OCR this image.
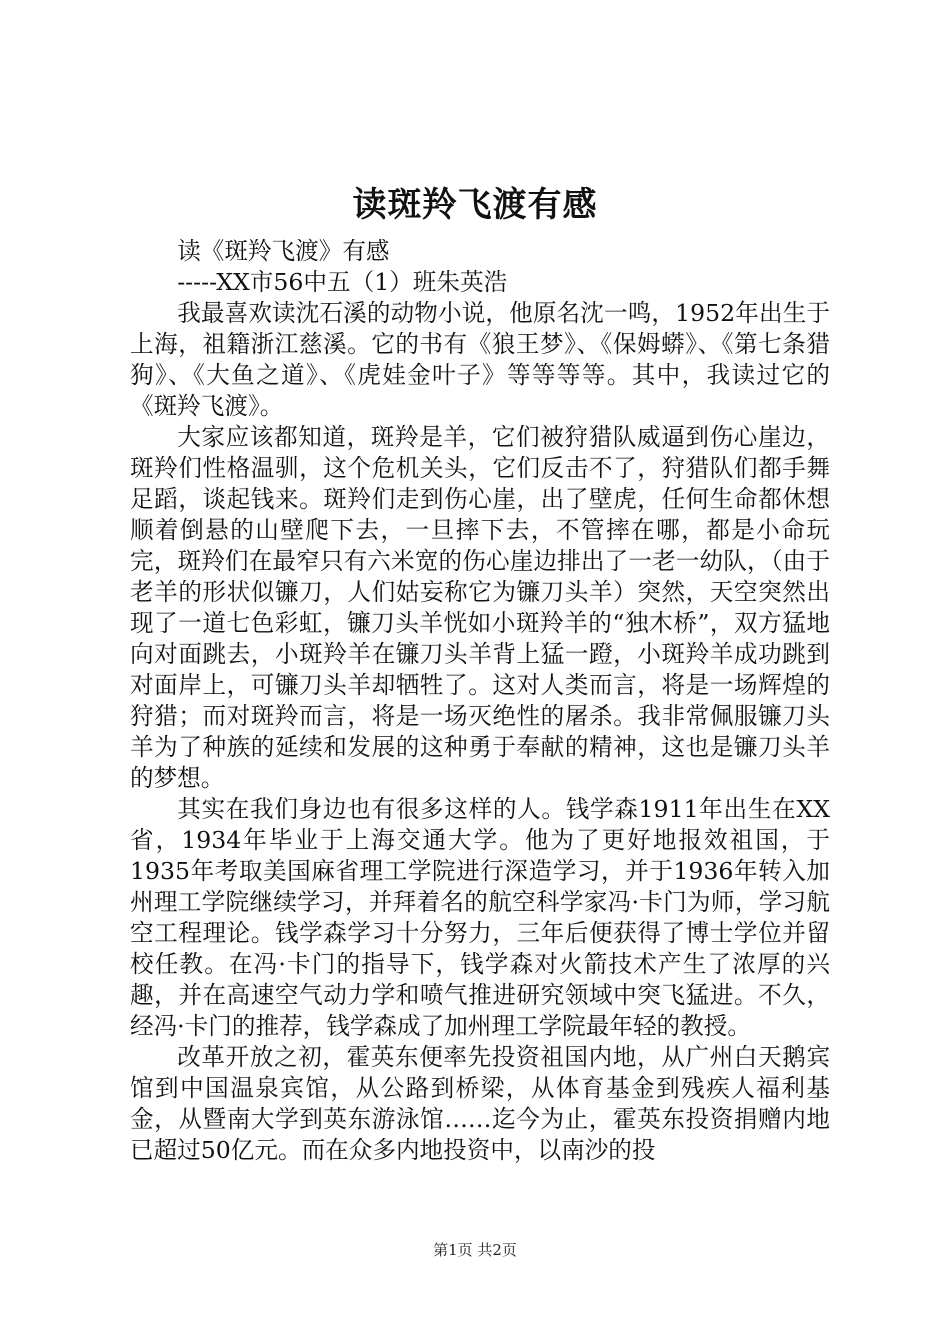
读斑羚飞渡有感

读《斑羚飞渡》有感

-----XX市56中五（1）班朱英浩

我最喜欢读沈石溪的动物小说，他原名沈一鸣，1952年出生于上海，祖籍浙江慈溪。它的书有《狼王梦》、《保姆蟒》、《第七条猎狗》、《大鱼之道》、《虎娃金叶子》等等等等。其中，我读过它的《斑羚飞渡》。

大家应该都知道，斑羚是羊，它们被狩猎队威逼到伤心崖边，斑羚们性格温驯，这个危机关头，它们反击不了，狩猎队们都手舞足蹈，谈起钱来。斑羚们走到伤心崖，出了壁虎，任何生命都休想顺着倒悬的山壁爬下去，一旦摔下去，不管摔在哪，都是小命玩完，斑羚们在最窄只有六米宽的伤心崖边排出了一老一幼队，（由于老羊的形状似镰刀，人们姑妄称它为镰刀头羊）突然，天空突然出现了一道七色彩虹，镰刀头羊恍如小斑羚羊的“独木桥”，双方猛地向对面跳去，小斑羚羊在镰刀头羊背上猛一蹬，小斑羚羊成功跳到对面岸上，可镰刀头羊却牺牲了。这对人类而言，将是一场辉煌的狩猎；而对斑羚而言，将是一场灭绝性的屠杀。我非常佩服镰刀头羊为了种族的延续和发展的这种勇于奉献的精神，这也是镰刀头羊的梦想。

其实在我们身边也有很多这样的人。钱学森1911年出生在XX省，1934年毕业于上海交通大学。他为了更好地报效祖国，于1935年考取美国麻省理工学院进行深造学习，并于1936年转入加州理工学院继续学习，并拜着名的航空科学家冯·卡门为师，学习航空工程理论。钱学森学习十分努力，三年后便获得了博士学位并留校任教。在冯·卡门的指导下，钱学森对火箭技术产生了浓厚的兴趣，并在高速空气动力学和喷气推进研究领域中突飞猛进。不久，经冯·卡门的推荐，钱学森成了加州理工学院最年轻的教授。

改革开放之初，霍英东便率先投资祖国内地，从广州白天鹅宾馆到中国温泉宾馆，从公路到桥梁，从体育基金到残疾人福利基金，从暨南大学到英东游泳馆……迄今为止，霍英东投资捐赠内地已超过50亿元。而在众多内地投资中，以南沙的投

第1页 共2页
